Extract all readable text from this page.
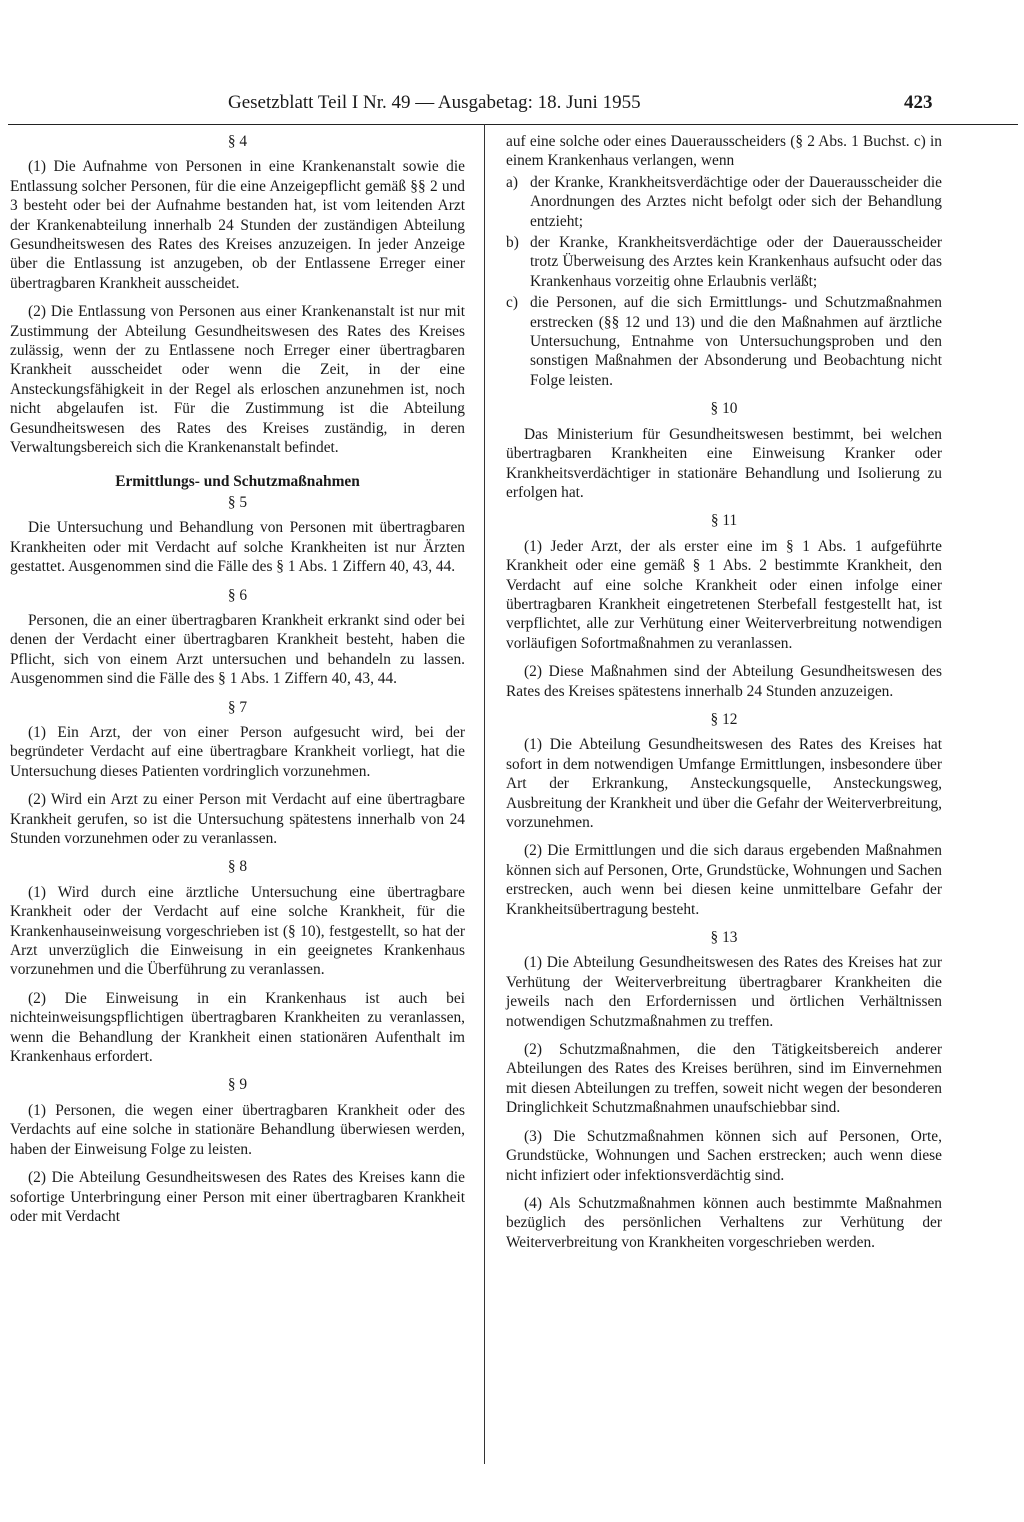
Gesetzblatt Teil I Nr. 49 — Ausgabetag: 18. Juni 1955	423
§ 4

(1) Die Aufnahme von Personen in eine Krankenanstalt sowie die Entlassung solcher Personen, für die eine Anzeigepflicht gemäß §§ 2 und 3 besteht oder bei der Aufnahme bestanden hat, ist vom leitenden Arzt der Krankenabteilung innerhalb 24 Stunden der zuständigen Abteilung Gesundheitswesen des Rates des Kreises anzuzeigen. In jeder Anzeige über die Entlassung ist anzugeben, ob der Entlassene Erreger einer übertragbaren Krankheit ausscheidet.

(2) Die Entlassung von Personen aus einer Krankenanstalt ist nur mit Zustimmung der Abteilung Gesundheitswesen des Rates des Kreises zulässig, wenn der zu Entlassene noch Erreger einer übertragbaren Krankheit ausscheidet oder wenn die Zeit, in der eine Ansteckungsfähigkeit in der Regel als erloschen anzunehmen ist, noch nicht abgelaufen ist. Für die Zustimmung ist die Abteilung Gesundheitswesen des Rates des Kreises zuständig, in deren Verwaltungsbereich sich die Krankenanstalt befindet.

Ermittlungs- und Schutzmaßnahmen
§ 5

Die Untersuchung und Behandlung von Personen mit übertragbaren Krankheiten oder mit Verdacht auf solche Krankheiten ist nur Ärzten gestattet. Ausgenommen sind die Fälle des § 1 Abs. 1 Ziffern 40, 43, 44.

§ 6

Personen, die an einer übertragbaren Krankheit erkrankt sind oder bei denen der Verdacht einer übertragbaren Krankheit besteht, haben die Pflicht, sich von einem Arzt untersuchen und behandeln zu lassen. Ausgenommen sind die Fälle des § 1 Abs. 1 Ziffern 40, 43, 44.

§ 7

(1) Ein Arzt, der von einer Person aufgesucht wird, bei der begründeter Verdacht auf eine übertragbare Krankheit vorliegt, hat die Untersuchung dieses Patienten vordringlich vorzunehmen.

(2) Wird ein Arzt zu einer Person mit Verdacht auf eine übertragbare Krankheit gerufen, so ist die Untersuchung spätestens innerhalb von 24 Stunden vorzunehmen oder zu veranlassen.

§ 8

(1) Wird durch eine ärztliche Untersuchung eine übertragbare Krankheit oder der Verdacht auf eine solche Krankheit, für die Krankenhauseinweisung vorgeschrieben ist (§ 10), festgestellt, so hat der Arzt unverzüglich die Einweisung in ein geeignetes Krankenhaus vorzunehmen und die Überführung zu veranlassen.

(2) Die Einweisung in ein Krankenhaus ist auch bei nichteinweisungspflichtigen übertragbaren Krankheiten zu veranlassen, wenn die Behandlung der Krankheit einen stationären Aufenthalt im Krankenhaus erfordert.

§ 9

(1) Personen, die wegen einer übertragbaren Krankheit oder des Verdachts auf eine solche in stationäre Behandlung überwiesen werden, haben der Einweisung Folge zu leisten.

(2) Die Abteilung Gesundheitswesen des Rates des Kreises kann die sofortige Unterbringung einer Person mit einer übertragbaren Krankheit oder mit Verdacht

auf eine solche oder eines Dauerausscheiders (§ 2 Abs. 1 Buchst. c) in einem Krankenhaus verlangen, wenn

a) der Kranke, Krankheitsverdächtige oder der Dauerausscheider die Anordnungen des Arztes nicht befolgt oder sich der Behandlung entzieht;
b) der Kranke, Krankheitsverdächtige oder der Dauerausscheider trotz Überweisung des Arztes kein Krankenhaus aufsucht oder das Krankenhaus vorzeitig ohne Erlaubnis verläßt;
c) die Personen, auf die sich Ermittlungs- und Schutzmaßnahmen erstrecken (§§ 12 und 13) und die den Maßnahmen auf ärztliche Untersuchung, Entnahme von Untersuchungsproben und den sonstigen Maßnahmen der Absonderung und Beobachtung nicht Folge leisten.
§ 10

Das Ministerium für Gesundheitswesen bestimmt, bei welchen übertragbaren Krankheiten eine Einweisung Kranker oder Krankheitsverdächtiger in stationäre Behandlung und Isolierung zu erfolgen hat.

§ 11

(1) Jeder Arzt, der als erster eine im § 1 Abs. 1 aufgeführte Krankheit oder eine gemäß § 1 Abs. 2 bestimmte Krankheit, den Verdacht auf eine solche Krankheit oder einen infolge einer übertragbaren Krankheit eingetretenen Sterbefall festgestellt hat, ist verpflichtet, alle zur Verhütung einer Weiterverbreitung notwendigen vorläufigen Sofortmaßnahmen zu veranlassen.

(2) Diese Maßnahmen sind der Abteilung Gesundheitswesen des Rates des Kreises spätestens innerhalb 24 Stunden anzuzeigen.

§ 12

(1) Die Abteilung Gesundheitswesen des Rates des Kreises hat sofort in dem notwendigen Umfange Ermittlungen, insbesondere über Art der Erkrankung, Ansteckungsquelle, Ansteckungsweg, Ausbreitung der Krankheit und über die Gefahr der Weiterverbreitung, vorzunehmen.

(2) Die Ermittlungen und die sich daraus ergebenden Maßnahmen können sich auf Personen, Orte, Grundstücke, Wohnungen und Sachen erstrecken, auch wenn bei diesen keine unmittelbare Gefahr der Krankheitsübertragung besteht.

§ 13

(1) Die Abteilung Gesundheitswesen des Rates des Kreises hat zur Verhütung der Weiterverbreitung übertragbarer Krankheiten die jeweils nach den Erfordernissen und örtlichen Verhältnissen notwendigen Schutzmaßnahmen zu treffen.

(2) Schutzmaßnahmen, die den Tätigkeitsbereich anderer Abteilungen des Rates des Kreises berühren, sind im Einvernehmen mit diesen Abteilungen zu treffen, soweit nicht wegen der besonderen Dringlichkeit Schutzmaßnahmen unaufschiebbar sind.

(3) Die Schutzmaßnahmen können sich auf Personen, Orte, Grundstücke, Wohnungen und Sachen erstrecken; auch wenn diese nicht infiziert oder infektionsverdächtig sind.

(4) Als Schutzmaßnahmen können auch bestimmte Maßnahmen bezüglich des persönlichen Verhaltens zur Verhütung der Weiterverbreitung von Krankheiten vorgeschrieben werden.
